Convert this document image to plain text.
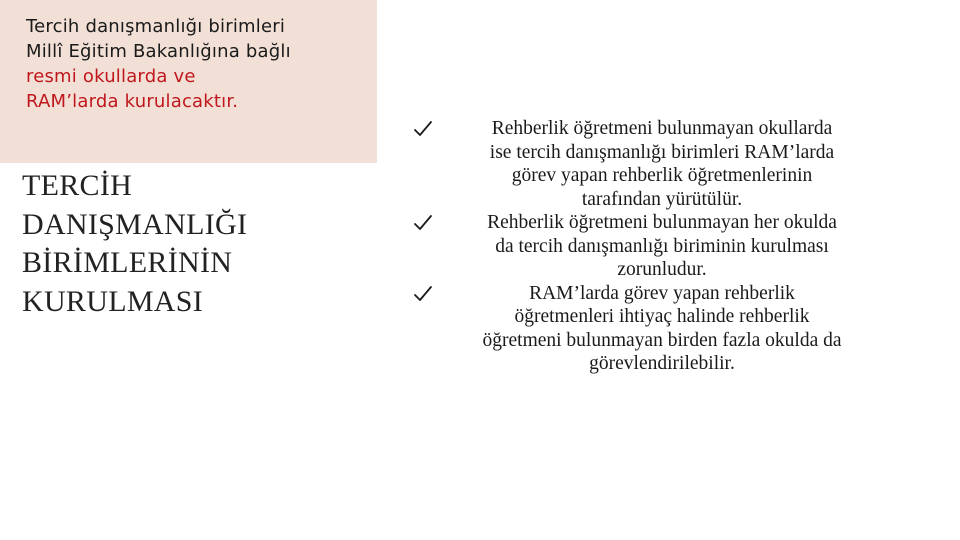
Tercih danışmanlığı birimleri
Millî Eğitim Bakanlığına bağlı
resmi okullarda ve
RAM’larda kurulacaktır.
TERCİH
DANIŞMANLIĞI
BİRİMLERİNİN
KURULMASI
Rehberlik öğretmeni bulunmayan okullarda
ise tercih danışmanlığı birimleri RAM’larda
görev yapan rehberlik öğretmenlerinin
tarafından yürütülür.
Rehberlik öğretmeni bulunmayan her okulda
da tercih danışmanlığı biriminin kurulması
zorunludur.
RAM’larda görev yapan rehberlik
öğretmenleri ihtiyaç halinde rehberlik
öğretmeni bulunmayan birden fazla okulda da
görevlendirilebilir.
